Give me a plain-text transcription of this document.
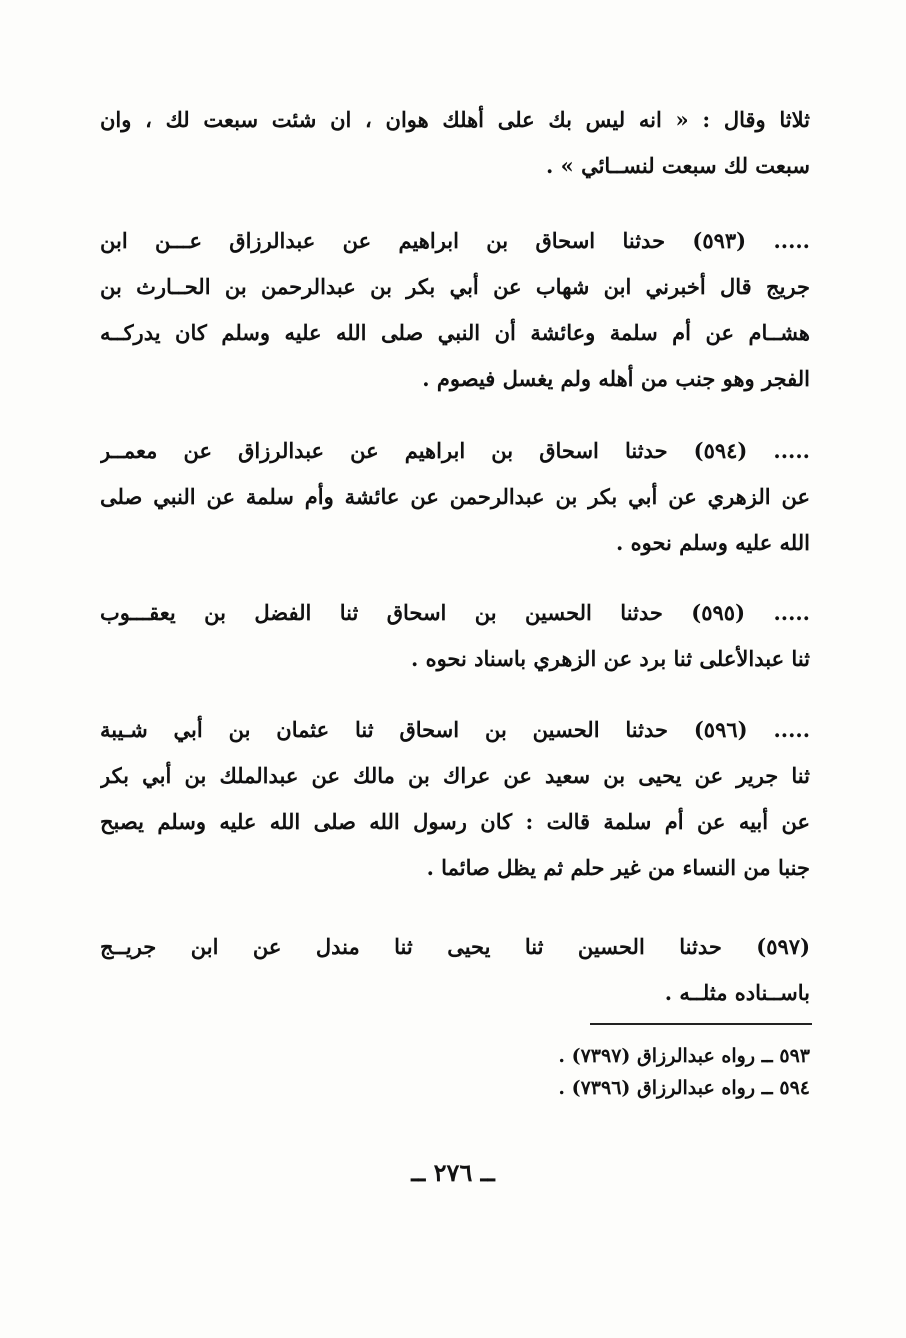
ثلاثا وقال : « انه ليس بك على أهلك هوان ، ان شئت سبعت لك ، وان
سبعت لك سبعت لنســائي » .
..... (٥٩٣) حدثنا اسحاق بن ابراهيم عن عبدالرزاق عـــن ابن
جريج قال أخبرني ابن شهاب عن أبي بكر بن عبدالرحمن بن الحــارث بن
هشــام عن أم سلمة وعائشة أن النبي صلى الله عليه وسلم كان يدركــه
الفجر وهو جنب من أهله ولم يغسل فيصوم .
..... (٥٩٤) حدثنا اسحاق بن ابراهيم عن عبدالرزاق عن معمــر
عن الزهري عن أبي بكر بن عبدالرحمن عن عائشة وأم سلمة عن النبي صلى
الله عليه وسلم نحوه .
..... (٥٩٥) حدثنا الحسين بن اسحاق ثنا الفضل بن يعقـــوب
ثنا عبدالأعلى ثنا برد عن الزهري باسناد نحوه .
..... (٥٩٦) حدثنا الحسين بن اسحاق ثنا عثمان بن أبي شـيبة
ثنا جرير عن يحيى بن سعيد عن عراك بن مالك عن عبدالملك بن أبي بكر
عن أبيه عن أم سلمة قالت : كان رسول الله صلى الله عليه وسلم يصبح
جنبا من النساء من غير حلم ثم يظل صائما .
(٥٩٧) حدثنا الحسين ثنا يحيى ثنا مندل عن ابن جريــج
باســناده مثلــه .
٥٩٣ ــ رواه عبدالرزاق (٧٣٩٧) .
٥٩٤ ــ رواه عبدالرزاق (٧٣٩٦) .
ــ ٢٧٦ ــ
